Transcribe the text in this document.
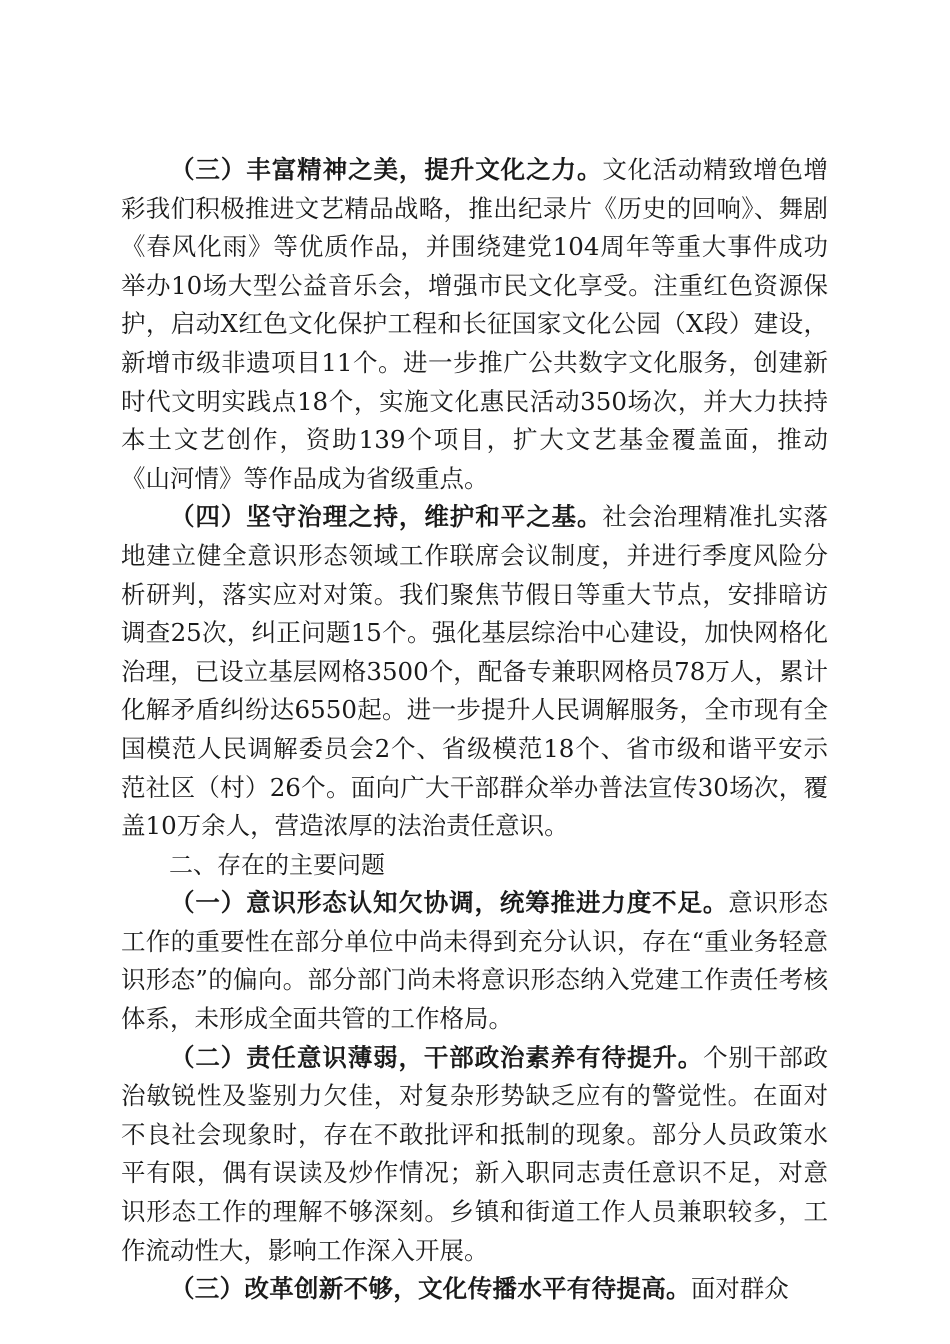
（三）丰富精神之美，提升文化之力。文化活动精致增色增彩我们积极推进文艺精品战略，推出纪录片《历史的回响》、舞剧《春风化雨》等优质作品，并围绕建党104周年等重大事件成功举办10场大型公益音乐会，增强市民文化享受。注重红色资源保护，启动X红色文化保护工程和长征国家文化公园（X段）建设，新增市级非遗项目11个。进一步推广公共数字文化服务，创建新时代文明实践点18个，实施文化惠民活动350场次，并大力扶持本土文艺创作，资助139个项目，扩大文艺基金覆盖面，推动《山河情》等作品成为省级重点。

（四）坚守治理之持，维护和平之基。社会治理精准扎实落地建立健全意识形态领域工作联席会议制度，并进行季度风险分析研判，落实应对对策。我们聚焦节假日等重大节点，安排暗访调查25次，纠正问题15个。强化基层综治中心建设，加快网格化治理，已设立基层网格3500个，配备专兼职网格员78万人，累计化解矛盾纠纷达6550起。进一步提升人民调解服务，全市现有全国模范人民调解委员会2个、省级模范18个、省市级和谐平安示范社区（村）26个。面向广大干部群众举办普法宣传30场次，覆盖10万余人，营造浓厚的法治责任意识。

二、存在的主要问题

（一）意识形态认知欠协调，统筹推进力度不足。意识形态工作的重要性在部分单位中尚未得到充分认识，存在“重业务轻意识形态”的偏向。部分部门尚未将意识形态纳入党建工作责任考核体系，未形成全面共管的工作格局。

（二）责任意识薄弱，干部政治素养有待提升。个别干部政治敏锐性及鉴别力欠佳，对复杂形势缺乏应有的警觉性。在面对不良社会现象时，存在不敢批评和抵制的现象。部分人员政策水平有限，偶有误读及炒作情况；新入职同志责任意识不足，对意识形态工作的理解不够深刻。乡镇和街道工作人员兼职较多，工作流动性大，影响工作深入开展。

（三）改革创新不够，文化传播水平有待提高。面对群众
